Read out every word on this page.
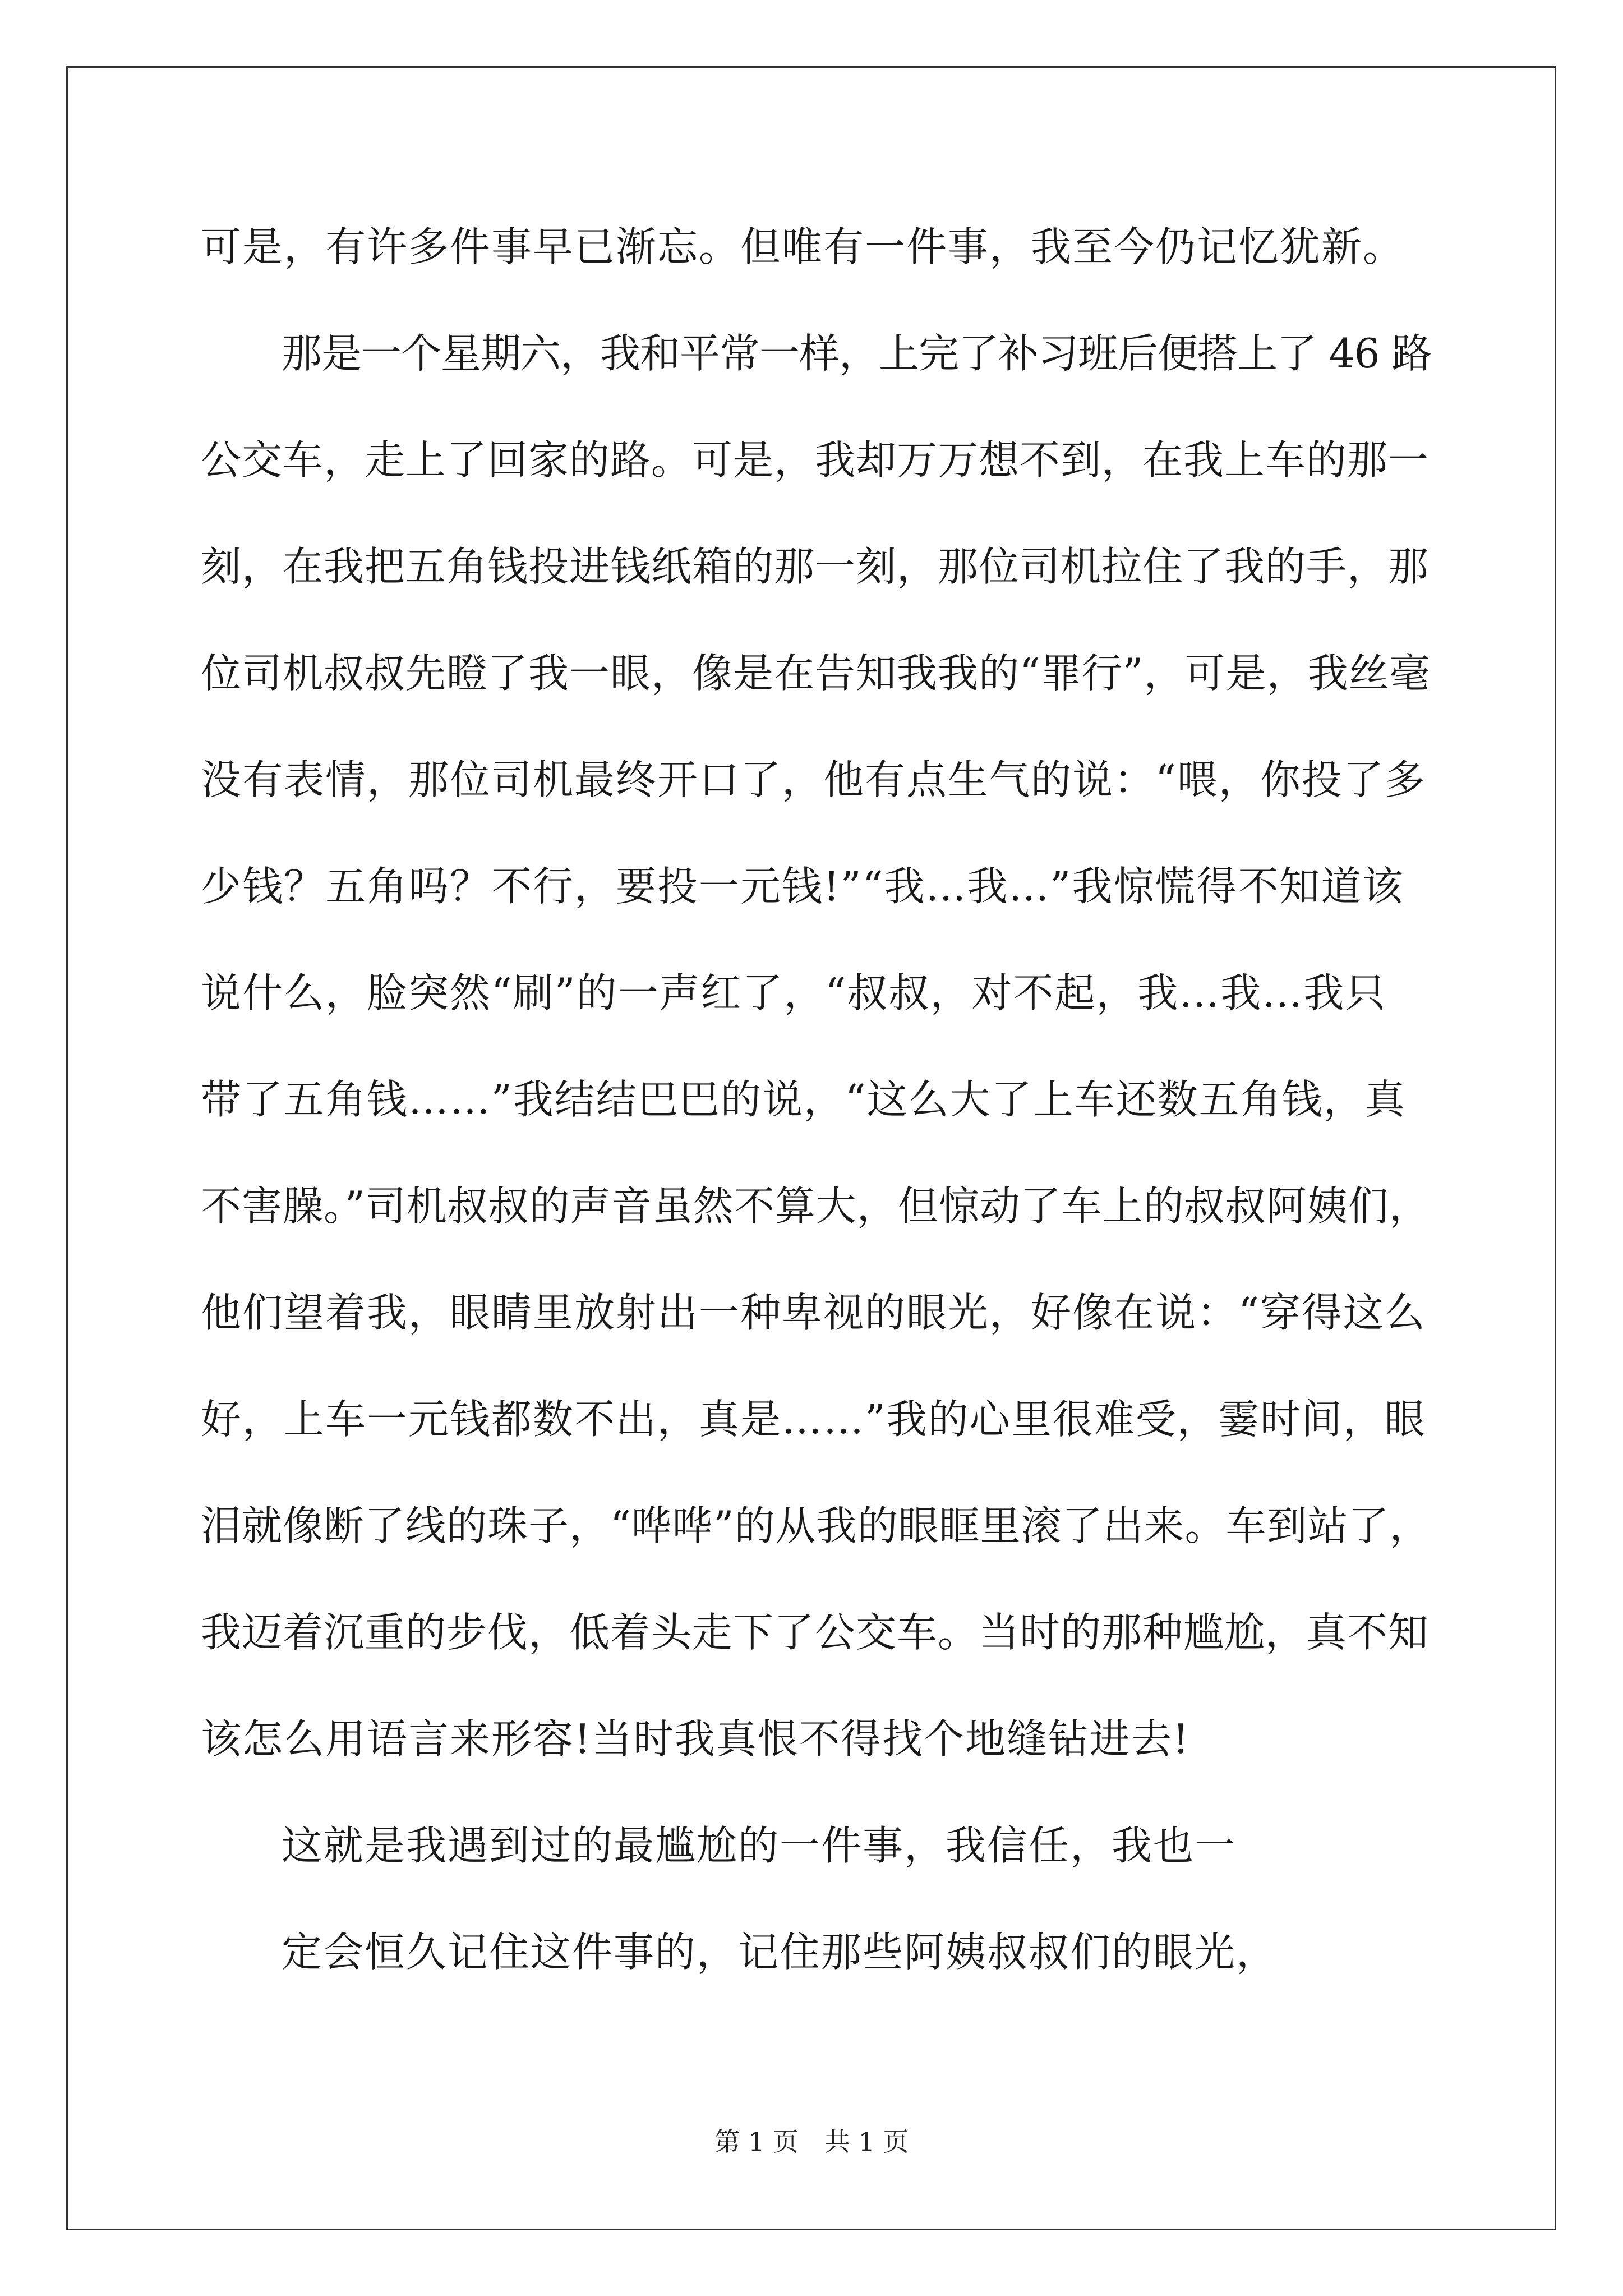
可是，有许多件事早已渐忘。但唯有一件事，我至今仍记忆犹新。
那是一个星期六，我和平常一样，上完了补习班后便搭上了 46 路
公交车，走上了回家的路。可是，我却万万想不到，在我上车的那一
刻，在我把五角钱投进钱纸箱的那一刻，那位司机拉住了我的手，那
位司机叔叔先瞪了我一眼，像是在告知我我的“罪行”，可是，我丝毫
没有表情，那位司机最终开口了，他有点生气的说：“喂，你投了多
少钱？五角吗？不行，要投一元钱!”“我…我…”我惊慌得不知道该
说什么，脸突然“刷”的一声红了，“叔叔，对不起，我…我…我只
带了五角钱……”我结结巴巴的说，“这么大了上车还数五角钱，真
不害臊。”司机叔叔的声音虽然不算大，但惊动了车上的叔叔阿姨们，
他们望着我，眼睛里放射出一种卑视的眼光，好像在说：“穿得这么
好，上车一元钱都数不出，真是……”我的心里很难受，霎时间，眼
泪就像断了线的珠子，“哗哗”的从我的眼眶里滚了出来。车到站了，
我迈着沉重的步伐，低着头走下了公交车。当时的那种尴尬，真不知
该怎么用语言来形容!当时我真恨不得找个地缝钻进去!
这就是我遇到过的最尴尬的一件事，我信任，我也一
定会恒久记住这件事的，记住那些阿姨叔叔们的眼光，
第 1 页　共 1 页
